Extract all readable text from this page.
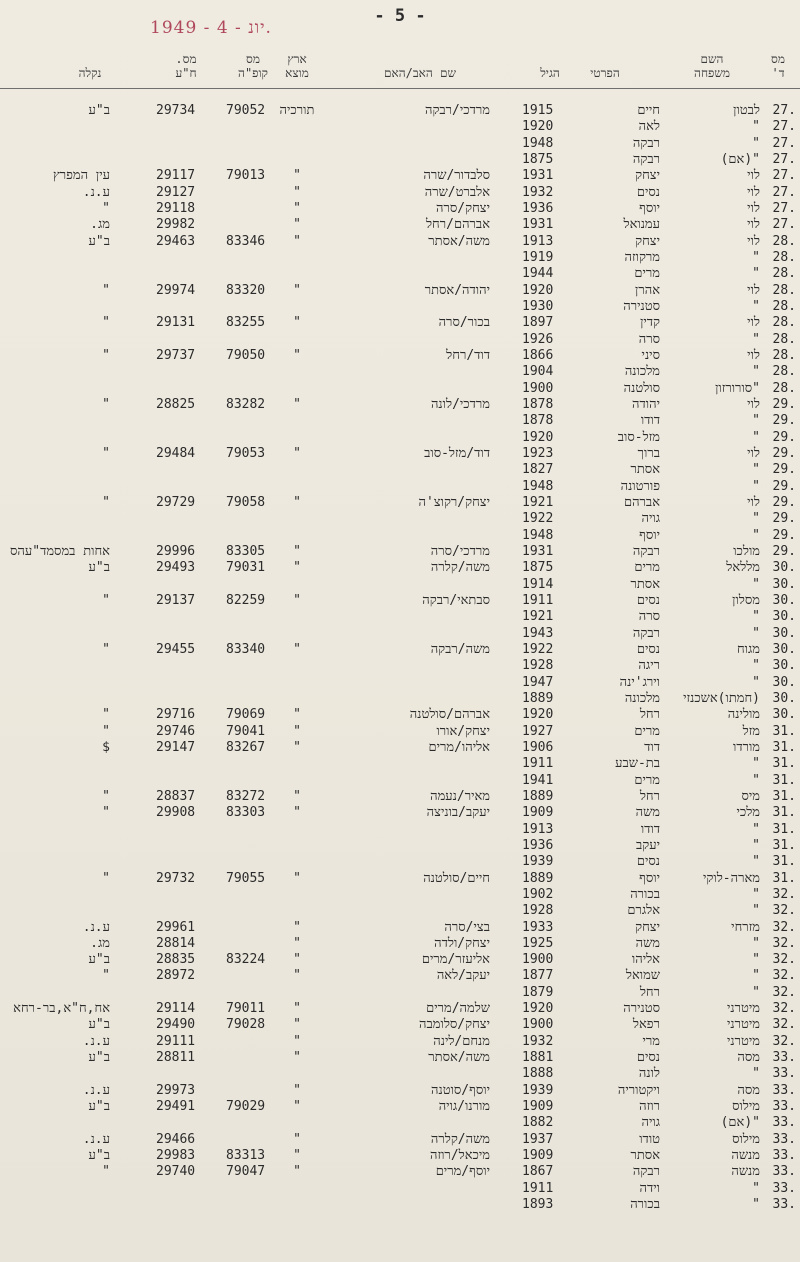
1949 - יונ - 4.
- 5 -
מס
ד'
השם
משפחה

הפרטי

הגיל

שם האב/האם
ארץ
מוצא
מס
קופ"ה
מס.
ח"ע

נקלה
27.
לבטון
חיים
1915
מרדכי/רבקה
תורכיה
79052
29734
ב"ע
27.
"
לאה
1920
27.
"
רבקה
1948
27.
"(אם)
רבקה
1875
27.
לוי
יצחק
1931
סלבדור/שרה
"
79013
29117
עין המפרץ
27.
לוי
נסים
1932
אלברט/שרה
"
29127
ע.נ.
27.
לוי
יוסף
1936
יצחק/סרה
"
29118
"
27.
לוי
עמנואל
1931
אברהם/רחל
"
29982
מג.
28.
לוי
יצחק
1913
משה/אסתר
"
83346
29463
ב"ע
28.
"
מרקוזה
1919
28.
"
מרים
1944
28.
לוי
אהרן
1920
יהודה/אסתר
"
83320
29974
"
28.
"
סטנירה
1930
28.
לוי
קדין
1897
בכור/סרה
"
83255
29131
"
28.
"
סרה
1926
28.
לוי
סיני
1866
דוד/רחל
"
79050
29737
"
28.
"
מלכונה
1904
28.
"סורורזון
סולטנה
1900
29.
לוי
יהודה
1878
מרדכי/לונה
"
83282
28825
"
29.
"
דודו
1878
29.
"
מזל-סוב
1920
29.
לוי
ברוך
1923
דוד/מזל-סוב
"
79053
29484
"
29.
"
אסתר
1827
29.
"
פורטונה
1948
29.
לוי
אברהם
1921
יצחק/רקוצ'ה
"
79058
29729
"
29.
"
גויה
1922
29.
"
יוסף
1948
29.
מולכו
רבקה
1931
מרדכי/סרה
"
83305
29996
אחות במסמד"עהס
30.
מללאל
מרים
1875
משה/קלרה
"
79031
29493
ב"ע
30.
"
אסתר
1914
30.
מסלון
נסים
1911
סבתאי/רבקה
"
82259
29137
"
30.
"
סרה
1921
30.
"
רבקה
1943
30.
מגוח
נסים
1922
משה/רבקה
"
83340
29455
"
30.
"
ריגה
1928
30.
"
וירג'ינה
1947
30.
(חמתו)אשכנזי
מלכונה
1889
30.
מולינה
רחל
1920
אברהם/סולטנה
"
79069
29716
"
31.
מזל
מרים
1927
יצחק/אורו
"
79041
29746
"
31.
מורדו
דוד
1906
אליהו/מרים
"
83267
29147
$
31.
"
בת-שבע
1911
31.
"
מרים
1941
31.
מיס
רחל
1889
מאיר/נעמה
"
83272
28837
"
31.
מלכי
משה
1909
יעקב/בוניצה
"
83303
29908
"
31.
"
דודו
1913
31.
"
יעקב
1936
31.
"
נסים
1939
31.
מארה-לוקי
יוסף
1889
חיים/סולטנה
"
79055
29732
"
32.
"
בכורה
1902
32.
"
אלגרם
1928
32.
מזרחי
יצחק
1933
בצי/סרה
"
29961
ע.נ.
32.
"
משה
1925
יצחק/ולדה
"
28814
מג.
32.
"
אליהו
1900
אליעזר/מרים
"
83224
28835
ב"ע
32.
"
שמואל
1877
יעקב/לאה
"
28972
"
32.
"
רחל
1879
32.
מיטרני
סטנירה
1920
שלמה/מרים
"
79011
29114
אח,ח"א,בר-רחא
32.
מיטרני
רפאל
1900
יצחק/סלומבה
"
79028
29490
ב"ע
32.
מיטרני
מרי
1932
מנחם/לינה
"
29111
ע.נ.
33.
מסה
נסים
1881
משה/אסתר
"
28811
ב"ע
33.
"
לונה
1888
33.
מסה
ויקטוריה
1939
יוסף/סוטנה
"
29973
ע.נ.
33.
מילוס
רוזה
1909
מורנו/גויה
"
79029
29491
ב"ע
33.
"(אם)
גויה
1882
33.
מילוס
טודו
1937
משה/קלרה
"
29466
ע.נ.
33.
מנשה
אסתר
1909
מיכאל/רוזה
"
83313
29983
ב"ע
33.
מנשה
רבקה
1867
יוסף/מרים
"
79047
29740
"
33.
"
וידה
1911
33.
"
בכורה
1893
